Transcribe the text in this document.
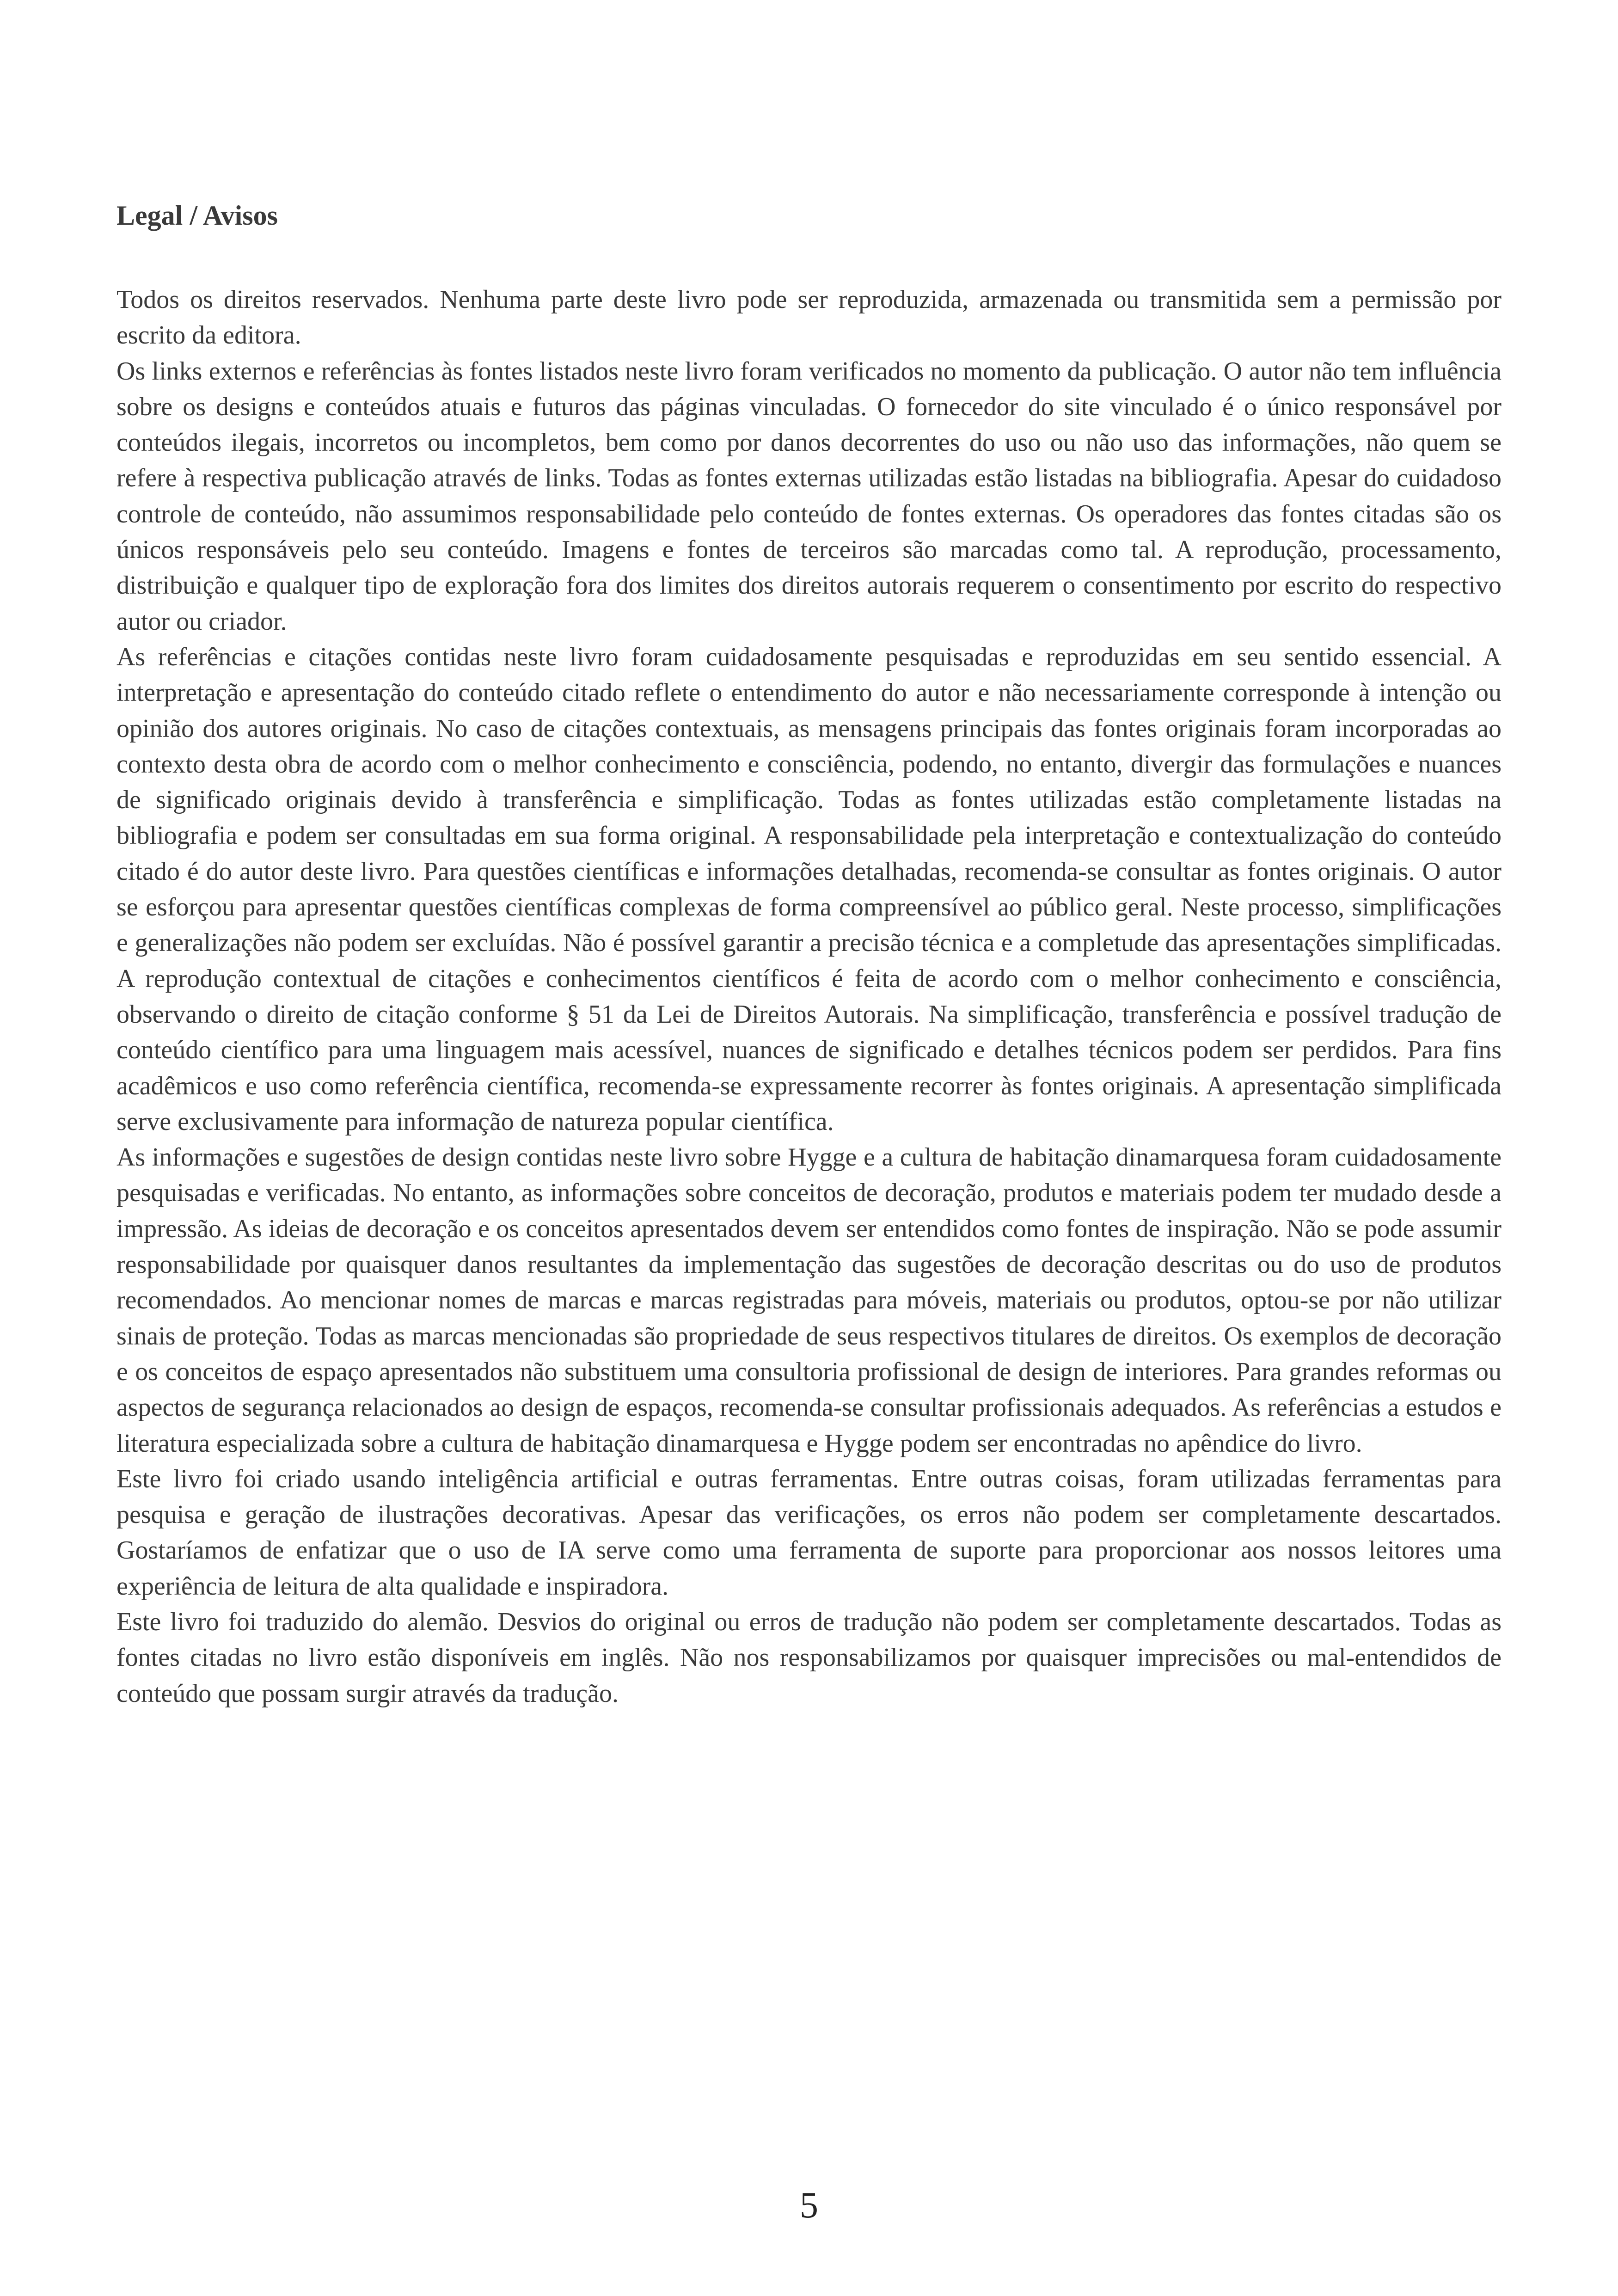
Legal / Avisos

Todos os direitos reservados. Nenhuma parte deste livro pode ser reproduzida, armazenada ou transmitida sem a permissão por escrito da editora.

Os links externos e referências às fontes listados neste livro foram verificados no momento da publicação. O autor não tem influência sobre os designs e conteúdos atuais e futuros das páginas vinculadas. O fornecedor do site vinculado é o único responsável por conteúdos ilegais, incorretos ou incompletos, bem como por danos decorrentes do uso ou não uso das informações, não quem se refere à respectiva publicação através de links. Todas as fontes externas utilizadas estão listadas na bibliografia. Apesar do cuidadoso controle de conteúdo, não assumimos responsabilidade pelo conteúdo de fontes externas. Os operadores das fontes citadas são os únicos responsáveis pelo seu conteúdo. Imagens e fontes de terceiros são marcadas como tal. A reprodução, processamento, distribuição e qualquer tipo de exploração fora dos limites dos direitos autorais requerem o consentimento por escrito do respectivo autor ou criador.

As referências e citações contidas neste livro foram cuidadosamente pesquisadas e reproduzidas em seu sentido essencial. A interpretação e apresentação do conteúdo citado reflete o entendimento do autor e não necessariamente corresponde à intenção ou opinião dos autores originais. No caso de citações contextuais, as mensagens principais das fontes originais foram incorporadas ao contexto desta obra de acordo com o melhor conhecimento e consciência, podendo, no entanto, divergir das formulações e nuances de significado originais devido à transferência e simplificação. Todas as fontes utilizadas estão completamente listadas na bibliografia e podem ser consultadas em sua forma original. A responsabilidade pela interpretação e contextualização do conteúdo citado é do autor deste livro. Para questões científicas e informações detalhadas, recomenda-se consultar as fontes originais. O autor se esforçou para apresentar questões científicas complexas de forma compreensível ao público geral. Neste processo, simplificações e generalizações não podem ser excluídas. Não é possível garantir a precisão técnica e a completude das apresentações simplificadas. A reprodução contextual de citações e conhecimentos científicos é feita de acordo com o melhor conhecimento e consciência, observando o direito de citação conforme § 51 da Lei de Direitos Autorais. Na simplificação, transferência e possível tradução de conteúdo científico para uma linguagem mais acessível, nuances de significado e detalhes técnicos podem ser perdidos. Para fins acadêmicos e uso como referência científica, recomenda-se expressamente recorrer às fontes originais. A apresentação simplificada serve exclusivamente para informação de natureza popular científica.

As informações e sugestões de design contidas neste livro sobre Hygge e a cultura de habitação dinamarquesa foram cuidadosamente pesquisadas e verificadas. No entanto, as informações sobre conceitos de decoração, produtos e materiais podem ter mudado desde a impressão. As ideias de decoração e os conceitos apresentados devem ser entendidos como fontes de inspiração. Não se pode assumir responsabilidade por quaisquer danos resultantes da implementação das sugestões de decoração descritas ou do uso de produtos recomendados. Ao mencionar nomes de marcas e marcas registradas para móveis, materiais ou produtos, optou-se por não utilizar sinais de proteção. Todas as marcas mencionadas são propriedade de seus respectivos titulares de direitos. Os exemplos de decoração e os conceitos de espaço apresentados não substituem uma consultoria profissional de design de interiores. Para grandes reformas ou aspectos de segurança relacionados ao design de espaços, recomenda-se consultar profissionais adequados. As referências a estudos e literatura especializada sobre a cultura de habitação dinamarquesa e Hygge podem ser encontradas no apêndice do livro.

Este livro foi criado usando inteligência artificial e outras ferramentas. Entre outras coisas, foram utilizadas ferramentas para pesquisa e geração de ilustrações decorativas. Apesar das verificações, os erros não podem ser completamente descartados. Gostaríamos de enfatizar que o uso de IA serve como uma ferramenta de suporte para proporcionar aos nossos leitores uma experiência de leitura de alta qualidade e inspiradora.

Este livro foi traduzido do alemão. Desvios do original ou erros de tradução não podem ser completamente descartados. Todas as fontes citadas no livro estão disponíveis em inglês. Não nos responsabilizamos por quaisquer imprecisões ou mal-entendidos de conteúdo que possam surgir através da tradução.

5
